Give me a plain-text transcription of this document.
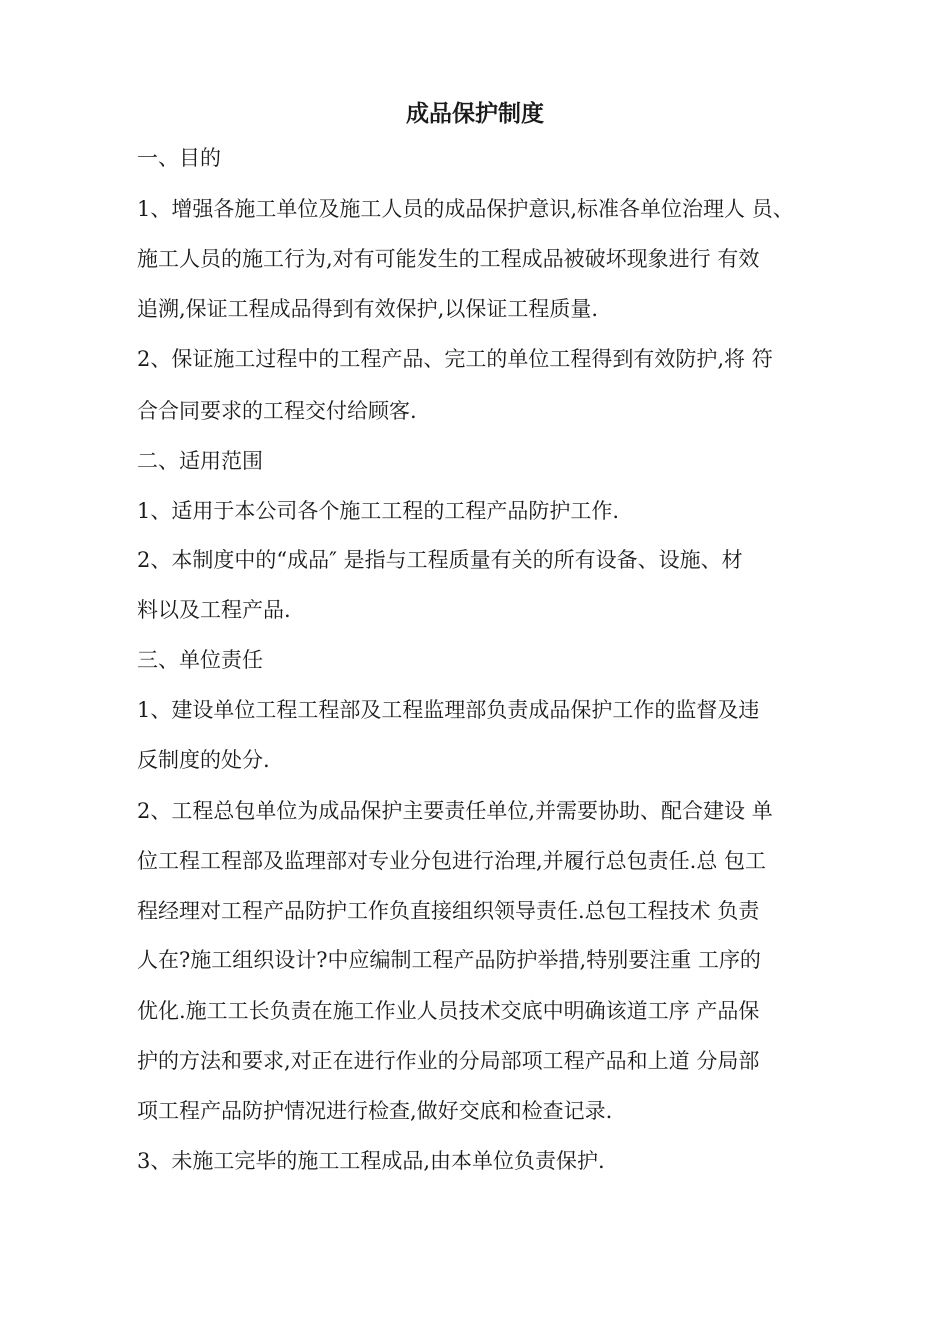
成品保护制度

一、目的

1、增强各施工单位及施工人员的成品保护意识,标准各单位治理人 员、

施工人员的施工行为,对有可能发生的工程成品被破坏现象进行 有效

追溯,保证工程成品得到有效保护,以保证工程质量.

2、保证施工过程中的工程产品、完工的单位工程得到有效防护,将 符

合合同要求的工程交付给顾客.

二、适用范围

1、适用于本公司各个施工工程的工程产品防护工作.

2、本制度中的“成品″ 是指与工程质量有关的所有设备、设施、材

料以及工程产品.

三、单位责任

1、建设单位工程工程部及工程监理部负责成品保护工作的监督及违

反制度的处分.

2、工程总包单位为成品保护主要责任单位,并需要协助、配合建设 单

位工程工程部及监理部对专业分包进行治理,并履行总包责任.总 包工

程经理对工程产品防护工作负直接组织领导责任.总包工程技术 负责

人在?施工组织设计?中应编制工程产品防护举措,特别要注重 工序的

优化.施工工长负责在施工作业人员技术交底中明确该道工序 产品保

护的方法和要求,对正在进行作业的分局部项工程产品和上道 分局部

项工程产品防护情况进行检查,做好交底和检查记录.

3、未施工完毕的施工工程成品,由本单位负责保护.
